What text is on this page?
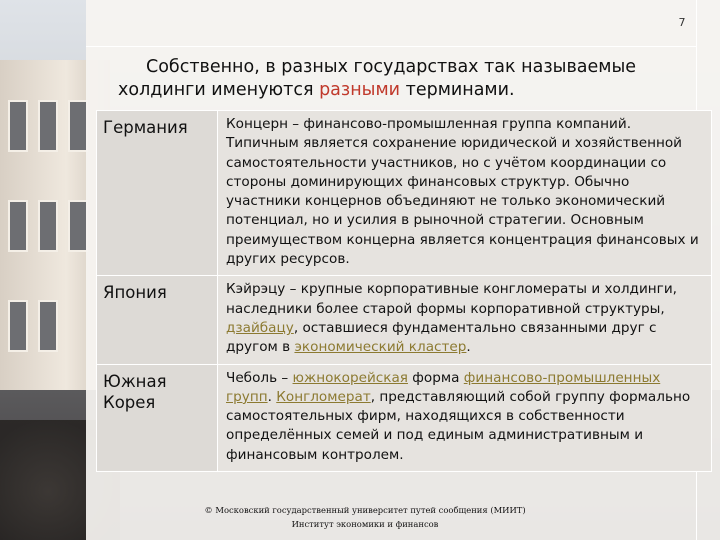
7
Собственно, в разных государствах так называемые
холдинги именуются разными терминами.
Германия	Концерн – финансово-промышленная группа компаний. Типичным является сохранение юридической и хозяйственной самостоятельности участников, но с учётом координации со стороны доминирующих финансовых структур. Обычно участники концернов объединяют не только экономический потенциал, но и усилия в рыночной стратегии. Основным преимуществом концерна является концентрация финансовых и других ресурсов.
Япония	Кэйрэцу – крупные корпоративные конгломераты и холдинги, наследники более старой формы корпоративной структуры, дзайбацу, оставшиеся фундаментально связанными друг с другом в экономический кластер.
Южная Корея	Чеболь – южнокорейская форма финансово-промышленных групп. Конгломерат, представляющий собой группу формально самостоятельных фирм, находящихся в собственности определённых семей и под единым административным и финансовым контролем.
© Московский государственный университет путей сообщения (МИИТ)
Институт экономики и финансов
